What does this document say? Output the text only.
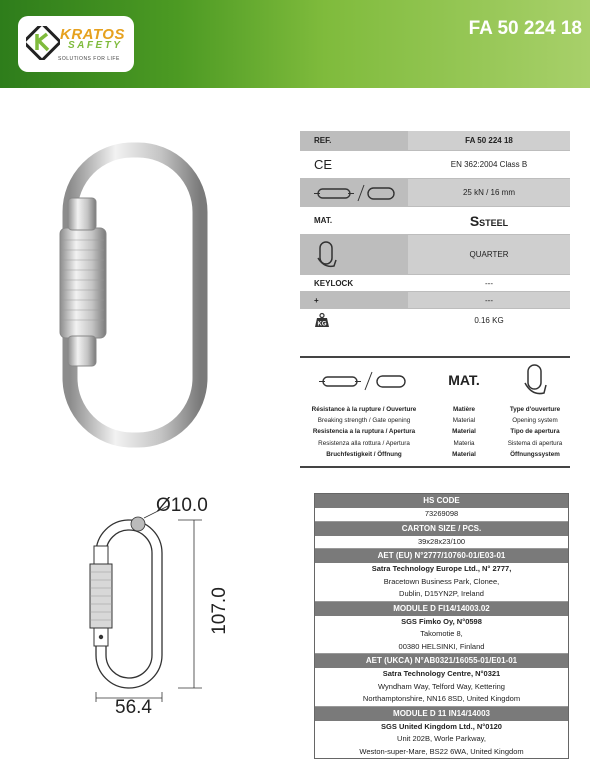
KRATOS
SAFETY
SOLUTIONS FOR LIFE
FA 50 224 18
REF.	FA 50 224 18
CE	EN 362:2004 Class B
25 kN / 16 mm
MAT.	SSTEEL
QUARTER
KEYLOCK	---
+	---
KG	0.16 KG
Résistance à la rupture / Ouverture
Breaking strength / Gate opening
Resistencia a la ruptura / Apertura
Resistenza alla rottura / Apertura
Bruchfestigkeit / Öffnung
MAT.
Matière
Material
Material
Materia
Material
Type d'ouverture
Opening system
Tipo de apertura
Sistema di apertura
Öffnungssystem
Ø10.0
107.0
56.4
HS CODE
73269098
CARTON SIZE / PCS.
39x28x23/100
AET (EU) N°2777/10760-01/E03-01
Satra Technology Europe Ltd., N° 2777,
Bracetown Business Park, Clonee,
Dublin, D15YN2P, Ireland
MODULE D FI14/14003.02
SGS Fimko Oy, N°0598
Takomotie 8,
00380 HELSINKI, Finland
AET (UKCA) N°AB0321/16055-01/E01-01
Satra Technology Centre, N°0321
Wyndham Way, Telford Way, Kettering
Northamptonshire, NN16 8SD, United Kingdom
MODULE D 11 IN14/14003
SGS United Kingdom Ltd., N°0120
Unit 202B, Worle Parkway,
Weston-super-Mare, BS22 6WA, United Kingdom
